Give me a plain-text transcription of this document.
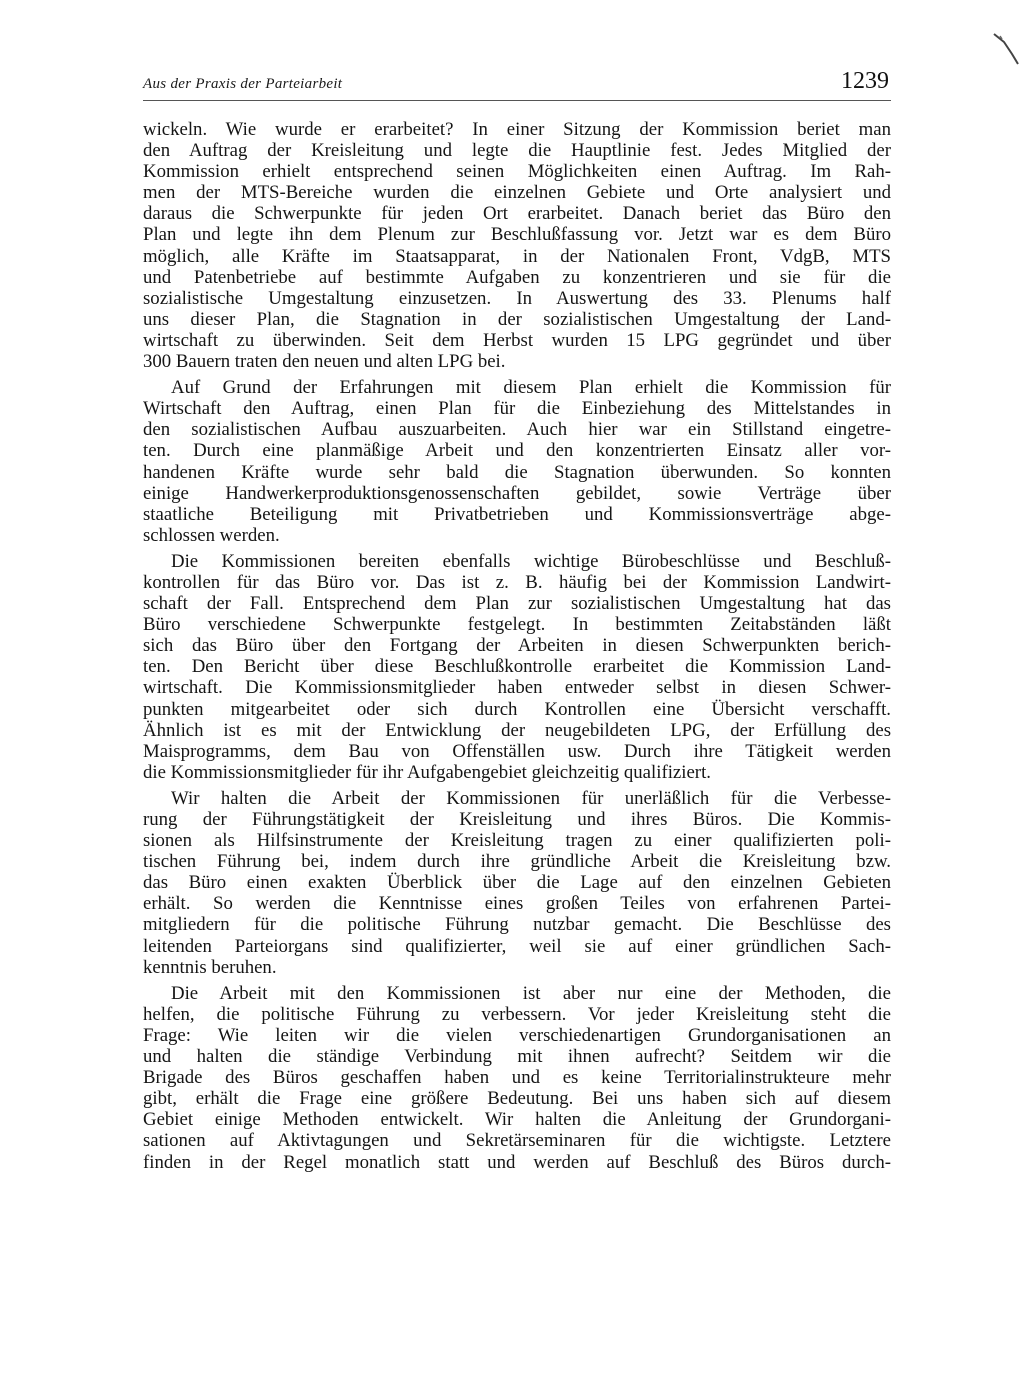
Aus der Praxis der Parteiarbeit	1239
wickeln. Wie wurde er erarbeitet? In einer Sitzung der Kommission beriet man
den Auftrag der Kreisleitung und legte die Hauptlinie fest. Jedes Mitglied der
Kommission erhielt entsprechend seinen Möglichkeiten einen Auftrag. Im Rah-
men der MTS-Bereiche wurden die einzelnen Gebiete und Orte analysiert und
daraus die Schwerpunkte für jeden Ort erarbeitet. Danach beriet das Büro den
Plan und legte ihn dem Plenum zur Beschlußfassung vor. Jetzt war es dem Büro
möglich, alle Kräfte im Staatsapparat, in der Nationalen Front, VdgB, MTS
und Patenbetriebe auf bestimmte Aufgaben zu konzentrieren und sie für die
sozialistische Umgestaltung einzusetzen. In Auswertung des 33. Plenums half
uns dieser Plan, die Stagnation in der sozialistischen Umgestaltung der Land-
wirtschaft zu überwinden. Seit dem Herbst wurden 15 LPG gegründet und über
300 Bauern traten den neuen und alten LPG bei.
Auf Grund der Erfahrungen mit diesem Plan erhielt die Kommission für
Wirtschaft den Auftrag, einen Plan für die Einbeziehung des Mittelstandes in
den sozialistischen Aufbau auszuarbeiten. Auch hier war ein Stillstand eingetre-
ten. Durch eine planmäßige Arbeit und den konzentrierten Einsatz aller vor-
handenen Kräfte wurde sehr bald die Stagnation überwunden. So konnten
einige Handwerkerproduktionsgenossenschaften gebildet, sowie Verträge über
staatliche Beteiligung mit Privatbetrieben und Kommissionsverträge abge-
schlossen werden.
Die Kommissionen bereiten ebenfalls wichtige Bürobeschlüsse und Beschluß-
kontrollen für das Büro vor. Das ist z. B. häufig bei der Kommission Landwirt-
schaft der Fall. Entsprechend dem Plan zur sozialistischen Umgestaltung hat das
Büro verschiedene Schwerpunkte festgelegt. In bestimmten Zeitabständen läßt
sich das Büro über den Fortgang der Arbeiten in diesen Schwerpunkten berich-
ten. Den Bericht über diese Beschlußkontrolle erarbeitet die Kommission Land-
wirtschaft. Die Kommissionsmitglieder haben entweder selbst in diesen Schwer-
punkten mitgearbeitet oder sich durch Kontrollen eine Übersicht verschafft.
Ähnlich ist es mit der Entwicklung der neugebildeten LPG, der Erfüllung des
Maisprogramms, dem Bau von Offenställen usw. Durch ihre Tätigkeit werden
die Kommissionsmitglieder für ihr Aufgabengebiet gleichzeitig qualifiziert.
Wir halten die Arbeit der Kommissionen für unerläßlich für die Verbesse-
rung der Führungstätigkeit der Kreisleitung und ihres Büros. Die Kommis-
sionen als Hilfsinstrumente der Kreisleitung tragen zu einer qualifizierten poli-
tischen Führung bei, indem durch ihre gründliche Arbeit die Kreisleitung bzw.
das Büro einen exakten Überblick über die Lage auf den einzelnen Gebieten
erhält. So werden die Kenntnisse eines großen Teiles von erfahrenen Partei-
mitgliedern für die politische Führung nutzbar gemacht. Die Beschlüsse des
leitenden Parteiorgans sind qualifizierter, weil sie auf einer gründlichen Sach-
kenntnis beruhen.
Die Arbeit mit den Kommissionen ist aber nur eine der Methoden, die
helfen, die politische Führung zu verbessern. Vor jeder Kreisleitung steht die
Frage: Wie leiten wir die vielen verschiedenartigen Grundorganisationen an
und halten die ständige Verbindung mit ihnen aufrecht? Seitdem wir die
Brigade des Büros geschaffen haben und es keine Territorialinstrukteure mehr
gibt, erhält die Frage eine größere Bedeutung. Bei uns haben sich auf diesem
Gebiet einige Methoden entwickelt. Wir halten die Anleitung der Grundorgani-
sationen auf Aktivtagungen und Sekretärseminaren für die wichtigste. Letztere
finden in der Regel monatlich statt und werden auf Beschluß des Büros durch-
